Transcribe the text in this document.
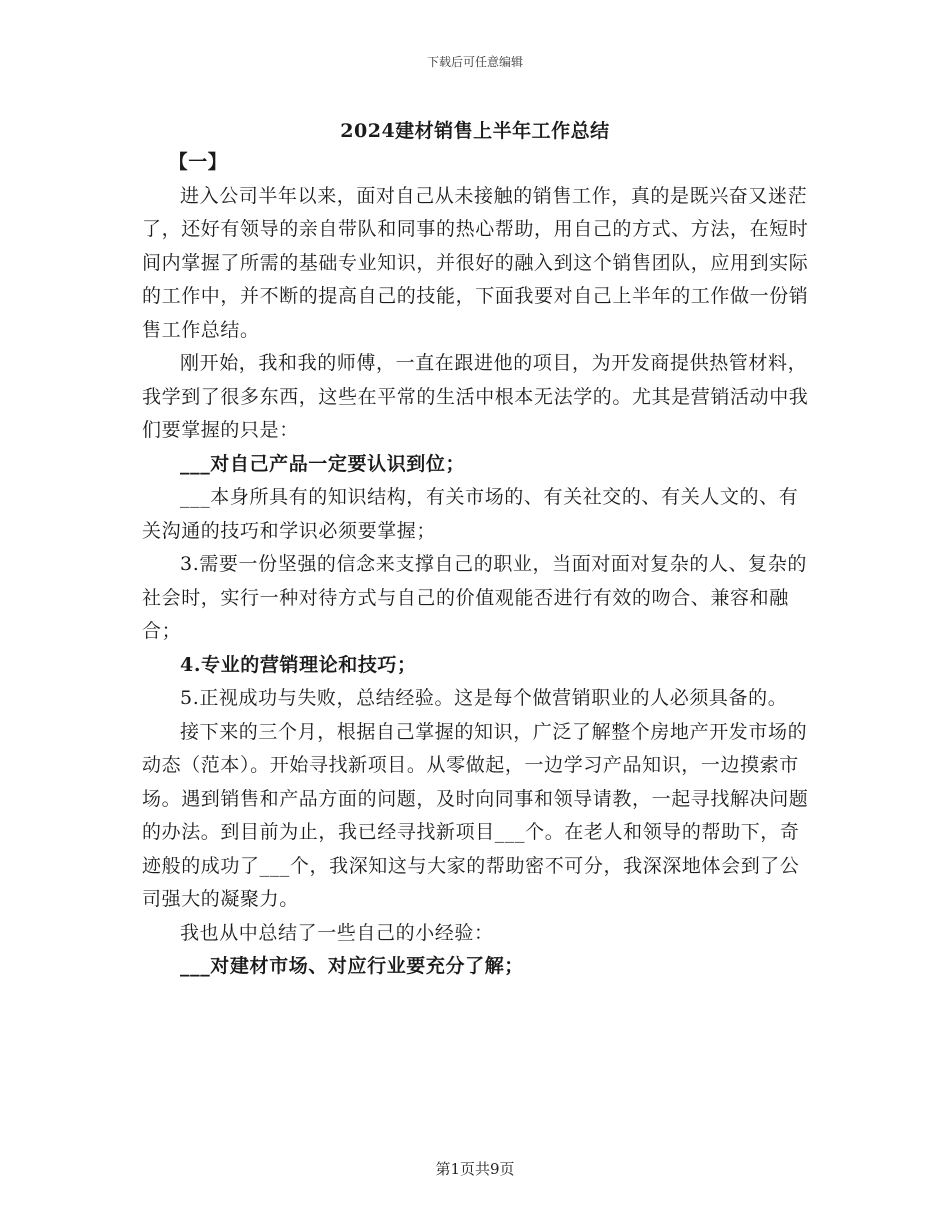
下载后可任意编辑
2024建材销售上半年工作总结

【一】

进入公司半年以来，面对自己从未接触的销售工作，真的是既兴奋又迷茫了，还好有领导的亲自带队和同事的热心帮助，用自己的方式、方法，在短时间内掌握了所需的基础专业知识，并很好的融入到这个销售团队，应用到实际的工作中，并不断的提高自己的技能，下面我要对自己上半年的工作做一份销售工作总结。

刚开始，我和我的师傅，一直在跟进他的项目，为开发商提供热管材料，我学到了很多东西，这些在平常的生活中根本无法学的。尤其是营销活动中我们要掌握的只是：

___对自己产品一定要认识到位；

___本身所具有的知识结构，有关市场的、有关社交的、有关人文的、有关沟通的技巧和学识必须要掌握；

3.需要一份坚强的信念来支撑自己的职业，当面对面对复杂的人、复杂的社会时，实行一种对待方式与自己的价值观能否进行有效的吻合、兼容和融合；

4.专业的营销理论和技巧；

5.正视成功与失败，总结经验。这是每个做营销职业的人必须具备的。

接下来的三个月，根据自己掌握的知识，广泛了解整个房地产开发市场的动态（范本）。开始寻找新项目。从零做起，一边学习产品知识，一边摸索市场。遇到销售和产品方面的问题，及时向同事和领导请教，一起寻找解决问题的办法。到目前为止，我已经寻找新项目___个。在老人和领导的帮助下，奇迹般的成功了___个，我深知这与大家的帮助密不可分，我深深地体会到了公司强大的凝聚力。

我也从中总结了一些自己的小经验：

___对建材市场、对应行业要充分了解；

第1页共9页
